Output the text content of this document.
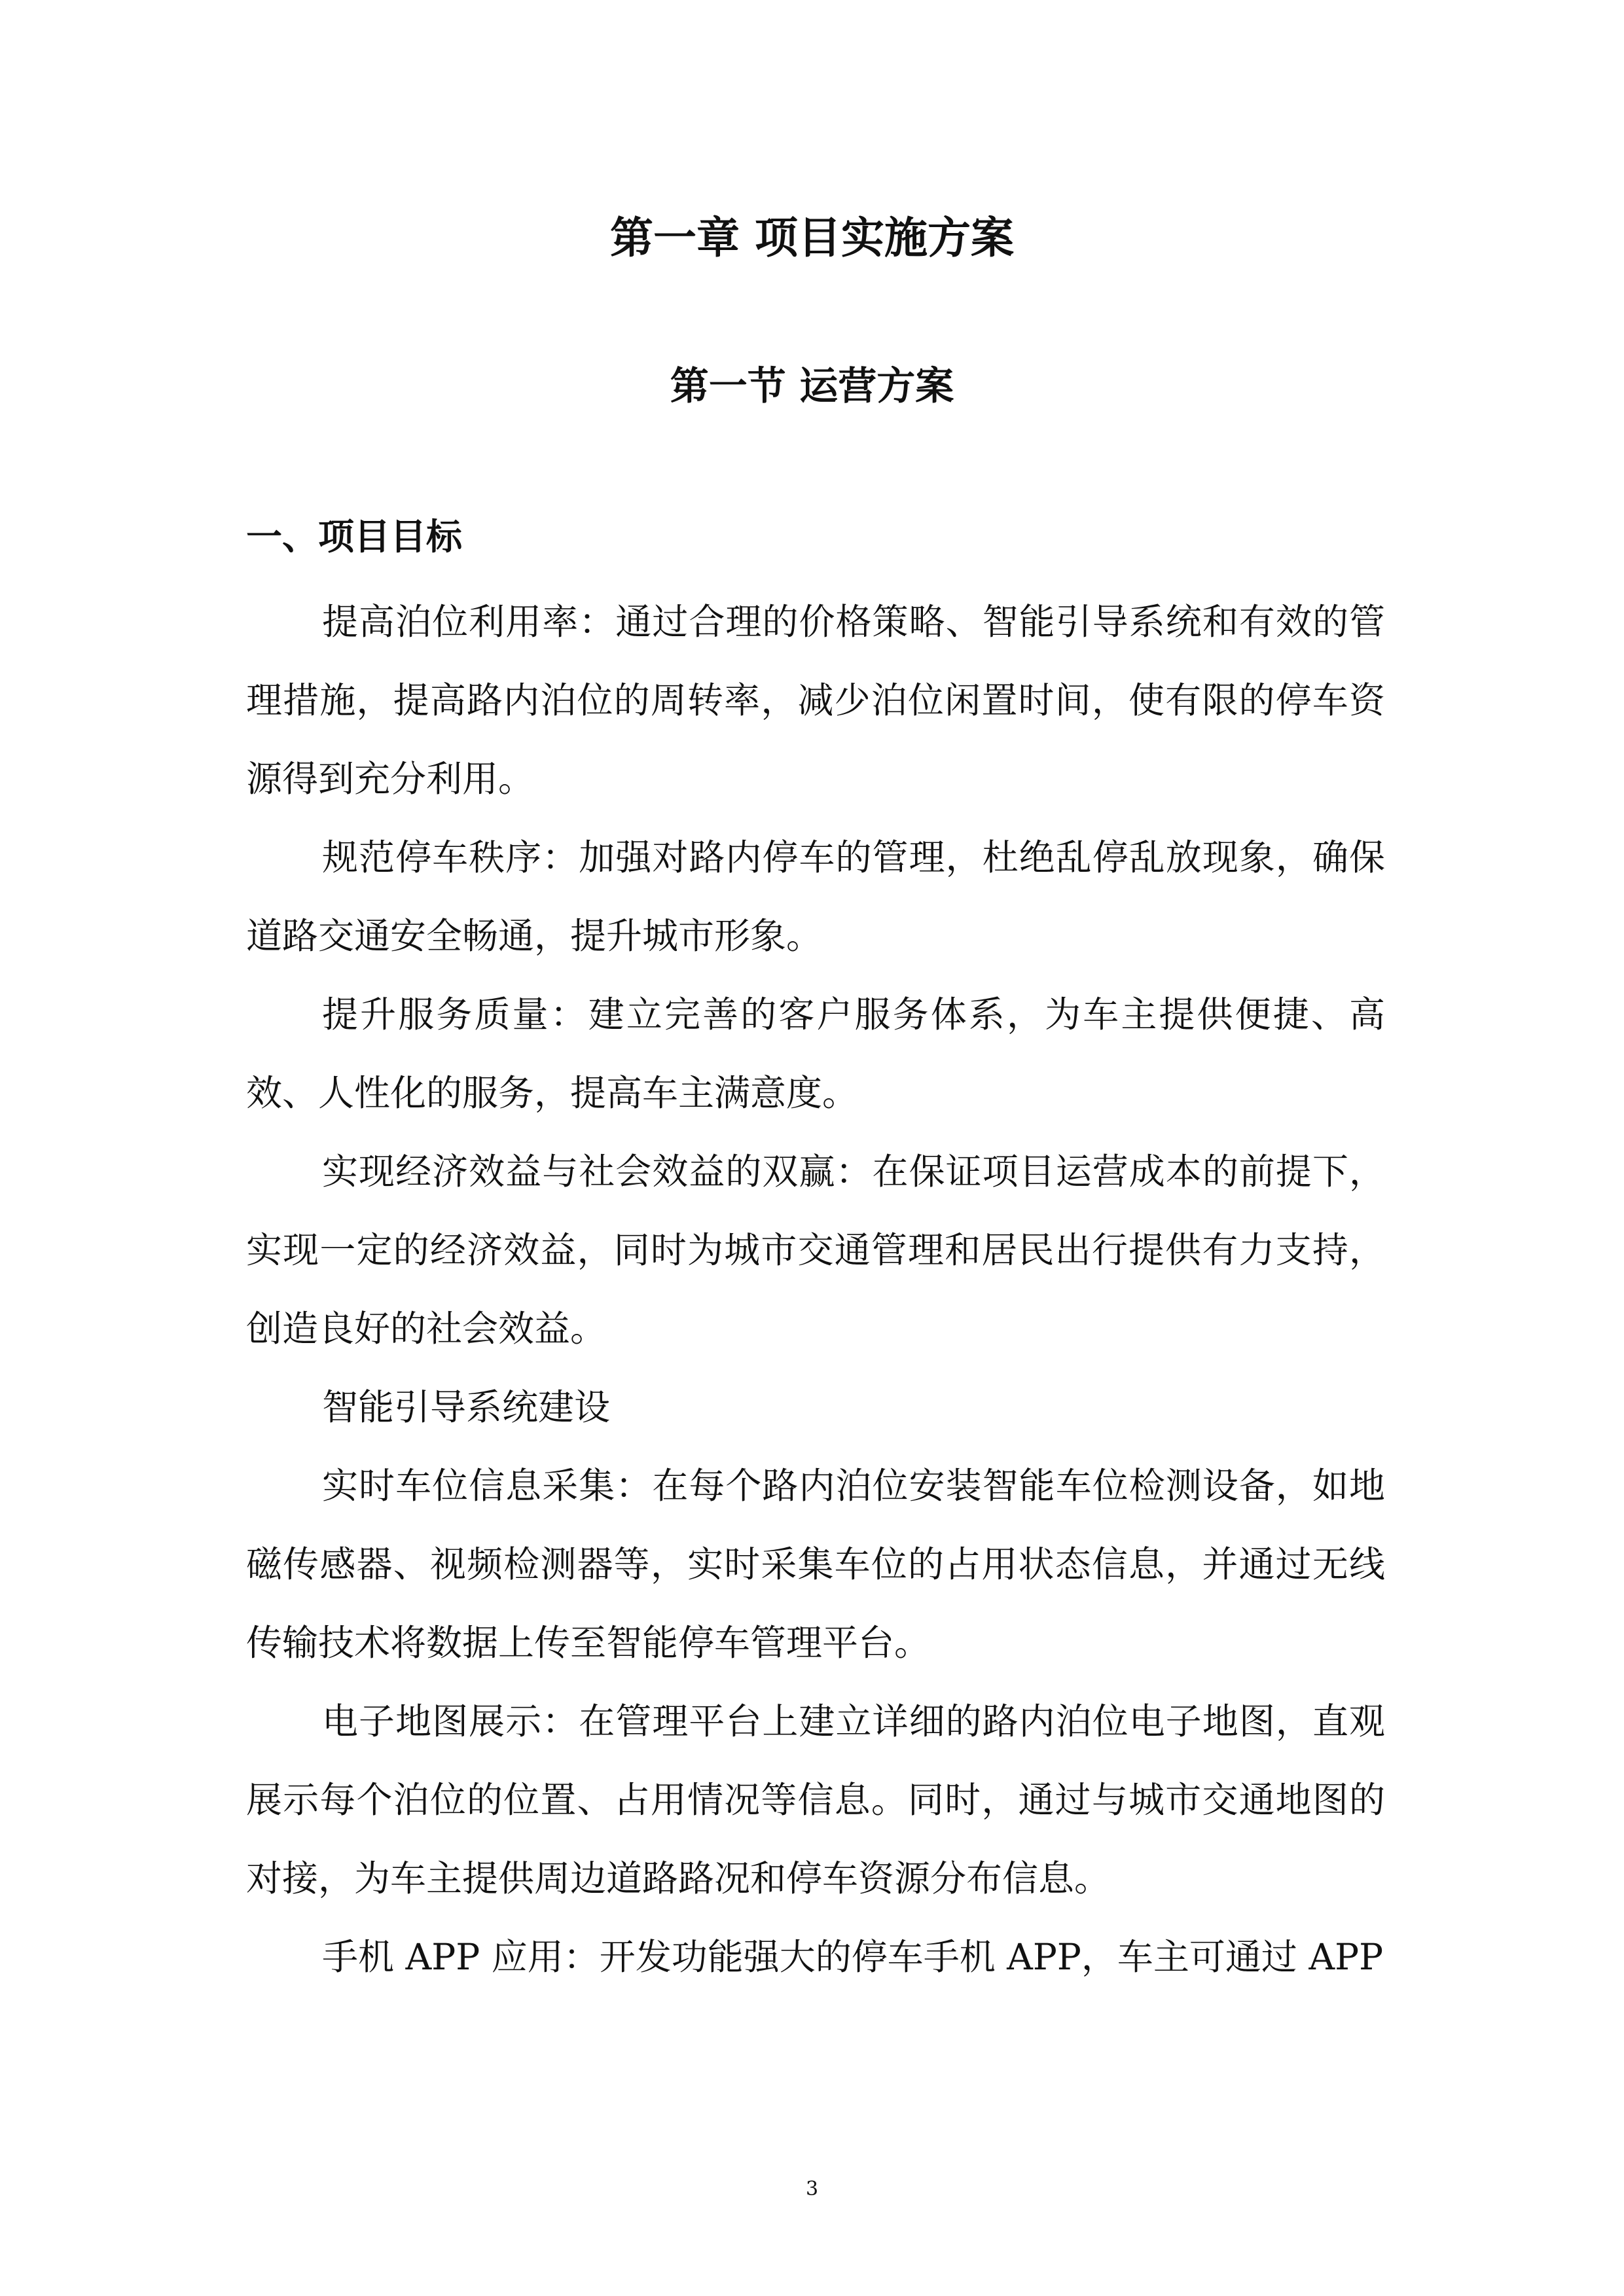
第一章 项目实施方案
第一节 运营方案
一、项目目标

提高泊位利用率：通过合理的价格策略、智能引导系统和有效的管理措施，提高路内泊位的周转率，减少泊位闲置时间，使有限的停车资源得到充分利用。

规范停车秩序：加强对路内停车的管理，杜绝乱停乱放现象，确保道路交通安全畅通，提升城市形象。

提升服务质量：建立完善的客户服务体系，为车主提供便捷、高效、人性化的服务，提高车主满意度。

实现经济效益与社会效益的双赢：在保证项目运营成本的前提下，实现一定的经济效益，同时为城市交通管理和居民出行提供有力支持，创造良好的社会效益。

智能引导系统建设

实时车位信息采集：在每个路内泊位安装智能车位检测设备，如地磁传感器、视频检测器等，实时采集车位的占用状态信息，并通过无线传输技术将数据上传至智能停车管理平台。

电子地图展示：在管理平台上建立详细的路内泊位电子地图，直观展示每个泊位的位置、占用情况等信息。同时，通过与城市交通地图的对接，为车主提供周边道路路况和停车资源分布信息。

手机 APP 应用：开发功能强大的停车手机 APP，车主可通过 APP

3
